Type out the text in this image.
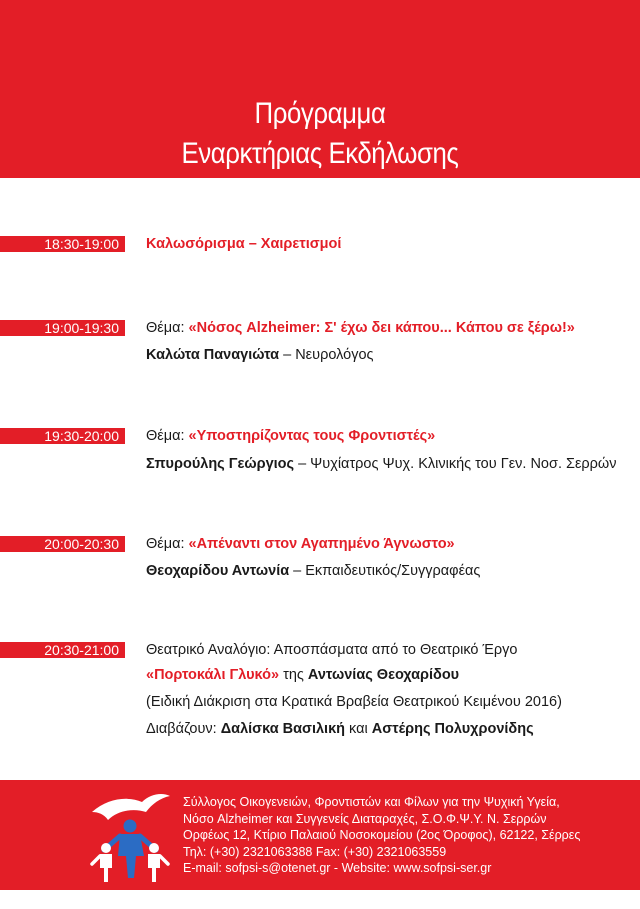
Πρόγραμμα
Εναρκτήριας Εκδήλωσης
18:30-19:00	Καλωσόρισμα – Χαιρετισμοί
19:00-19:30	Θέμα: «Νόσος Alzheimer: Σ' έχω δει κάπου... Κάπου σε ξέρω!»
Καλώτα Παναγιώτα – Νευρολόγος
19:30-20:00	Θέμα: «Υποστηρίζοντας τους Φροντιστές»
Σπυρούλης Γεώργιος – Ψυχίατρος Ψυχ. Κλινικής του Γεν. Νοσ. Σερρών
20:00-20:30	Θέμα: «Απέναντι στον Αγαπημένο Άγνωστο»
Θεοχαρίδου Αντωνία – Εκπαιδευτικός/Συγγραφέας
20:30-21:00	Θεατρικό Αναλόγιο: Αποσπάσματα από το Θεατρικό Έργο
«Πορτοκάλι Γλυκό» της Αντωνίας Θεοχαρίδου
(Ειδική Διάκριση στα Κρατικά Βραβεία Θεατρικού Κειμένου 2016)
Διαβάζουν: Δαλίσκα Βασιλική και Αστέρης Πολυχρονίδης
Σύλλογος Οικογενειών, Φροντιστών και Φίλων για την Ψυχική Υγεία,
Νόσο Alzheimer και Συγγενείς Διαταραχές, Σ.Ο.Φ.Ψ.Υ. Ν. Σερρών
Ορφέως 12, Κτίριο Παλαιού Νοσοκομείου (2ος Όροφος), 62122, Σέρρες
Τηλ: (+30) 2321063388 Fax: (+30) 2321063559
E-mail: sofpsi-s@otenet.gr - Website: www.sofpsi-ser.gr
